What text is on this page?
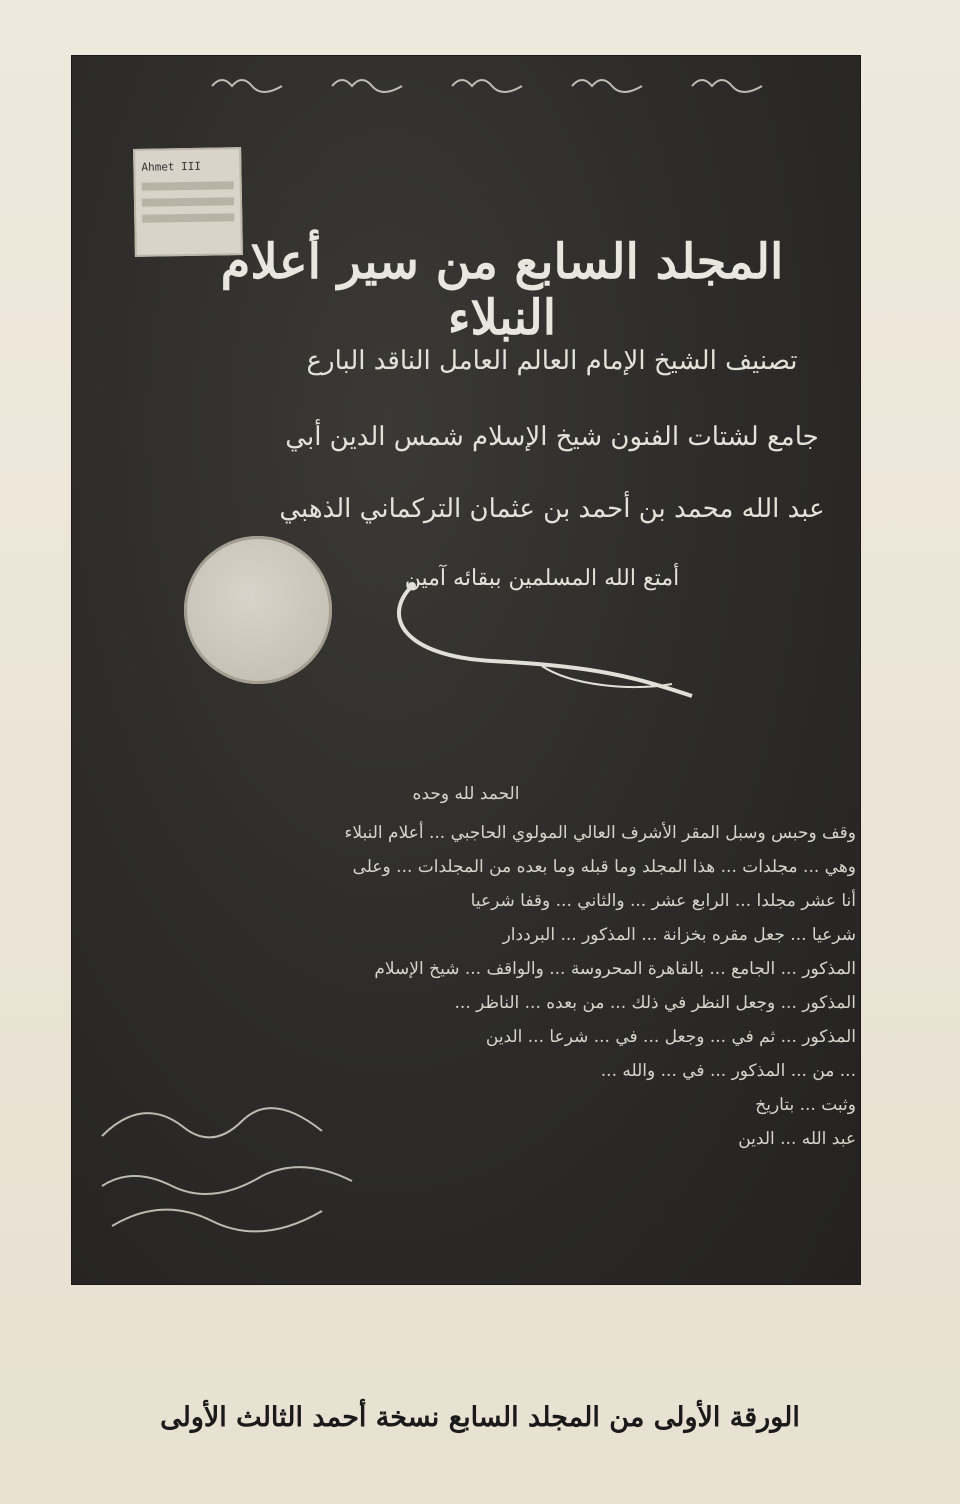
Ahmet III
المجلد السابع من سير أعلام النبلاء
تصنيف الشيخ الإمام العالم العامل الناقد البارع
جامع لشتات الفنون شيخ الإسلام شمس الدين أبي
عبد الله محمد بن أحمد بن عثمان التركماني الذهبي
أمتع الله المسلمين ببقائه آمين
الحمد لله وحده
وقف وحبس وسبل المقر الأشرف العالي المولوي الحاجبي ... أعلام النبلاء
وهي ... مجلدات ... هذا المجلد وما قبله وما بعده من المجلدات ... وعلى
أنا عشر مجلدا ... الرابع عشر ... والثاني ... وقفا شرعيا
شرعيا ... جعل مقره بخزانة ... المذكور ... البرددار
المذكور ... الجامع ... بالقاهرة المحروسة ... والواقف ... شيخ الإسلام
المذكور ... وجعل النظر في ذلك ... من بعده ... الناظر ...
المذكور ... ثم في ... وجعل ... في ... شرعا ... الدين
... من ... المذكور ... في ... والله ...
وثبت ... بتاريخ
عبد الله ... الدين
الورقة الأولى من المجلد السابع نسخة أحمد الثالث الأولى
